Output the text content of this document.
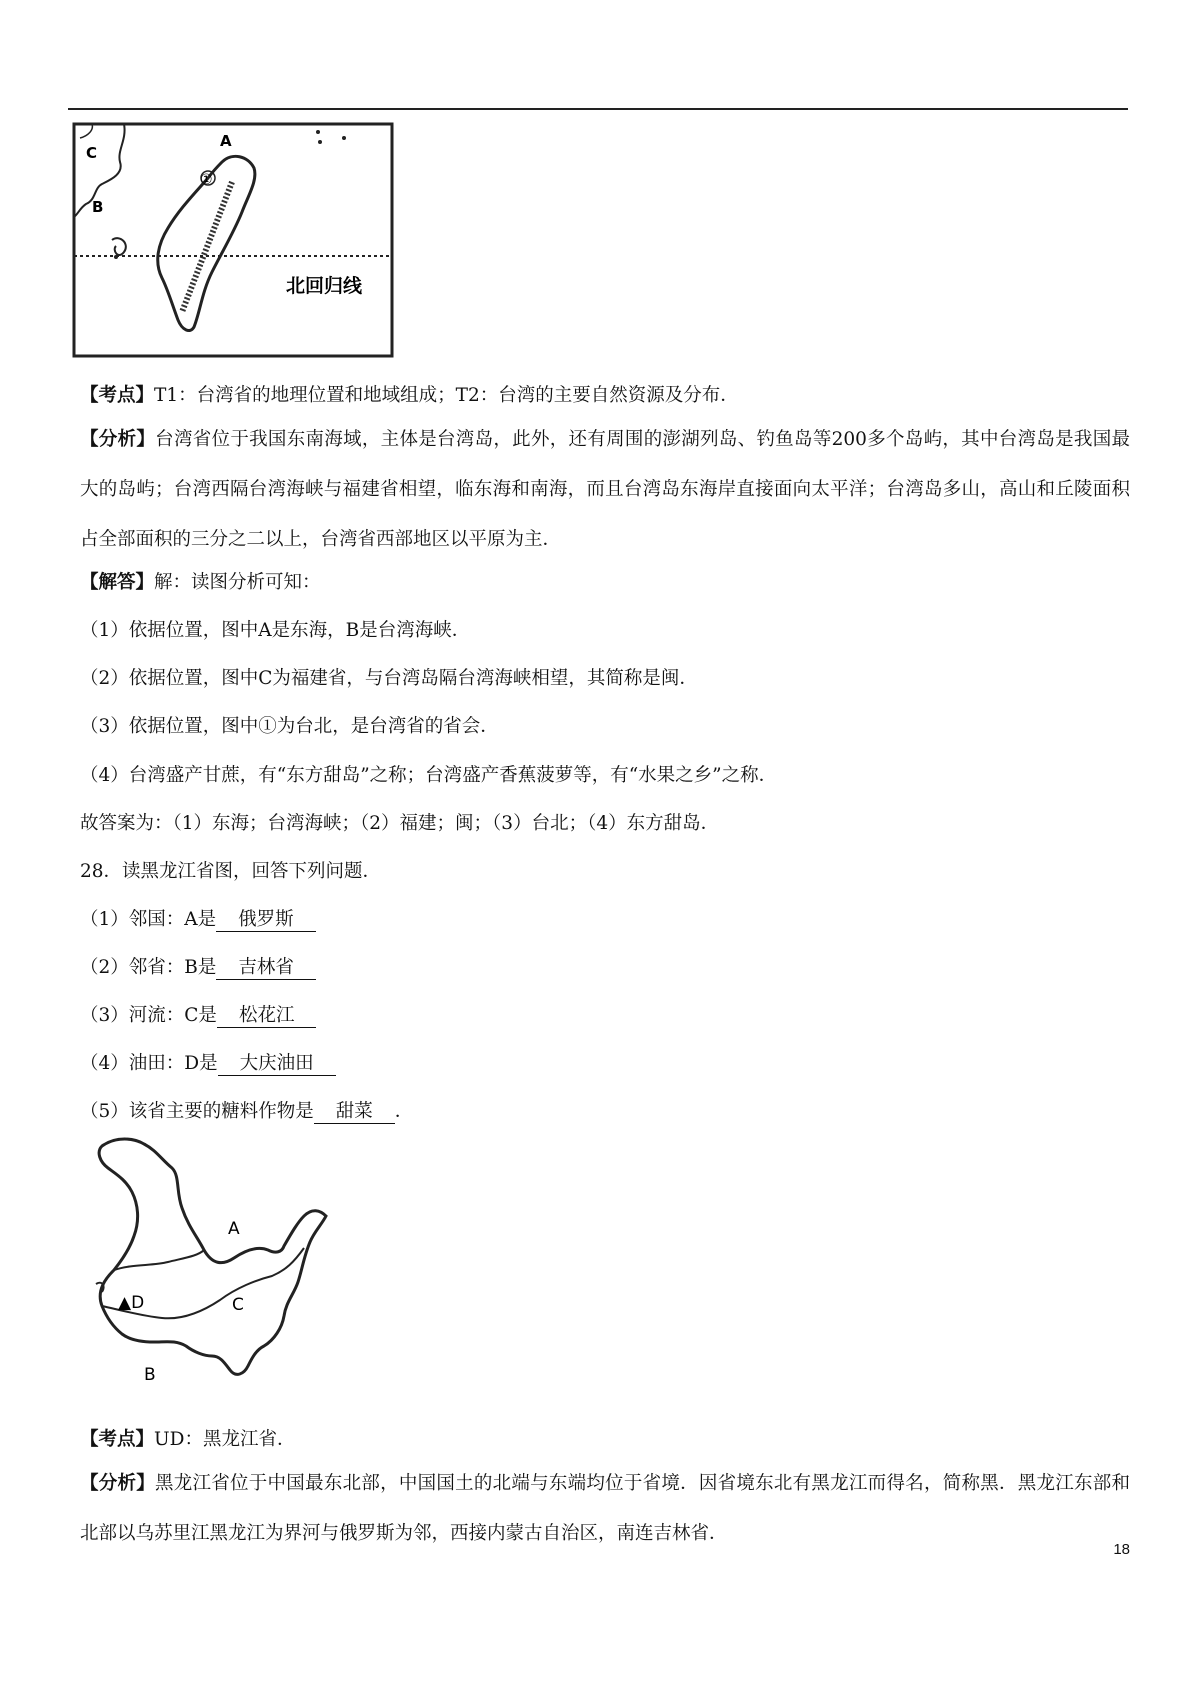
A
B
C
①
北回归线
【考点】T1：台湾省的地理位置和地域组成；T2：台湾的主要自然资源及分布．
【分析】台湾省位于我国东南海域，主体是台湾岛，此外，还有周围的澎湖列岛、钓鱼岛等200多个岛屿，其中台湾岛是我国最大的岛屿；台湾西隔台湾海峡与福建省相望，临东海和南海，而且台湾岛东海岸直接面向太平洋；台湾岛多山，高山和丘陵面积占全部面积的三分之二以上，台湾省西部地区以平原为主．
【解答】解：读图分析可知：
（1）依据位置，图中A是东海，B是台湾海峡．
（2）依据位置，图中C为福建省，与台湾岛隔台湾海峡相望，其简称是闽．
（3）依据位置，图中①为台北，是台湾省的省会．
（4）台湾盛产甘蔗，有“东方甜岛”之称；台湾盛产香蕉菠萝等，有“水果之乡”之称．
故答案为：（1）东海；台湾海峡；（2）福建；闽；（3）台北；（4）东方甜岛．
28．读黑龙江省图，回答下列问题．
（1）邻国：A是 俄罗斯
（2）邻省：B是 吉林省
（3）河流：C是 松花江
（4）油田：D是 大庆油田
（5）该省主要的糖料作物是 甜菜 ．
A
C
▲D
B
【考点】UD：黑龙江省．
【分析】黑龙江省位于中国最东北部，中国国土的北端与东端均位于省境．因省境东北有黑龙江而得名，简称黑．黑龙江东部和北部以乌苏里江黑龙江为界河与俄罗斯为邻，西接内蒙古自治区，南连吉林省．
18
